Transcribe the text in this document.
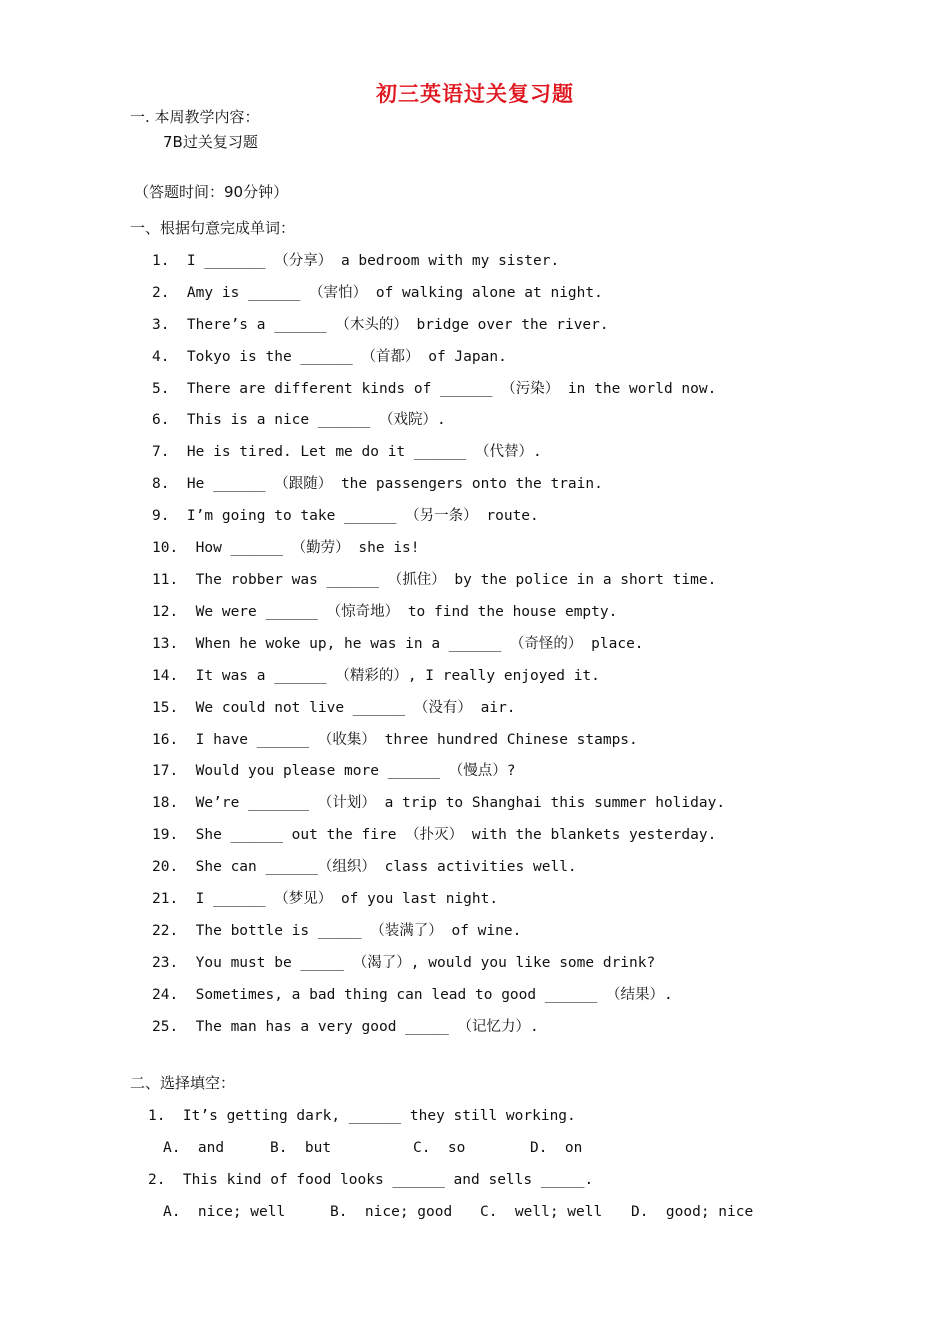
初三英语过关复习题
一. 本周教学内容：
7B过关复习题
（答题时间：90分钟）
一、根据句意完成单词：
1.  I _______ （分享） a bedroom with my sister.
2.  Amy is ______ （害怕） of walking alone at night.
3.  There’s a ______ （木头的） bridge over the river.
4.  Tokyo is the ______ （首都） of Japan.
5.  There are different kinds of ______ （污染） in the world now.
6.  This is a nice ______ （戏院）.
7.  He is tired. Let me do it ______ （代替）.
8.  He ______ （跟随） the passengers onto the train.
9.  I’m going to take ______ （另一条） route.
10.  How ______ （勤劳） she is!
11.  The robber was ______ （抓住） by the police in a short time.
12.  We were ______ （惊奇地） to find the house empty.
13.  When he woke up, he was in a ______ （奇怪的） place.
14.  It was a ______ （精彩的）, I really enjoyed it.
15.  We could not live ______ （没有） air.
16.  I have ______ （收集） three hundred Chinese stamps.
17.  Would you please more ______ （慢点）?
18.  We’re _______ （计划） a trip to Shanghai this summer holiday.
19.  She ______ out the fire （扑灭） with the blankets yesterday.
20.  She can ______（组织） class activities well.
21.  I ______ （梦见） of you last night.
22.  The bottle is _____ （装满了） of wine.
23.  You must be _____ （渴了）, would you like some drink?
24.  Sometimes, a bad thing can lead to good ______ （结果）.
25.  The man has a very good _____ （记忆力）.
二、选择填空：
1.  It’s getting dark, ______ they still working.
A.  and	B.  but	C.  so	D.  on
2.  This kind of food looks ______ and sells _____.
A.  nice; well	B.  nice; good C.  well; well D.  good; nice
